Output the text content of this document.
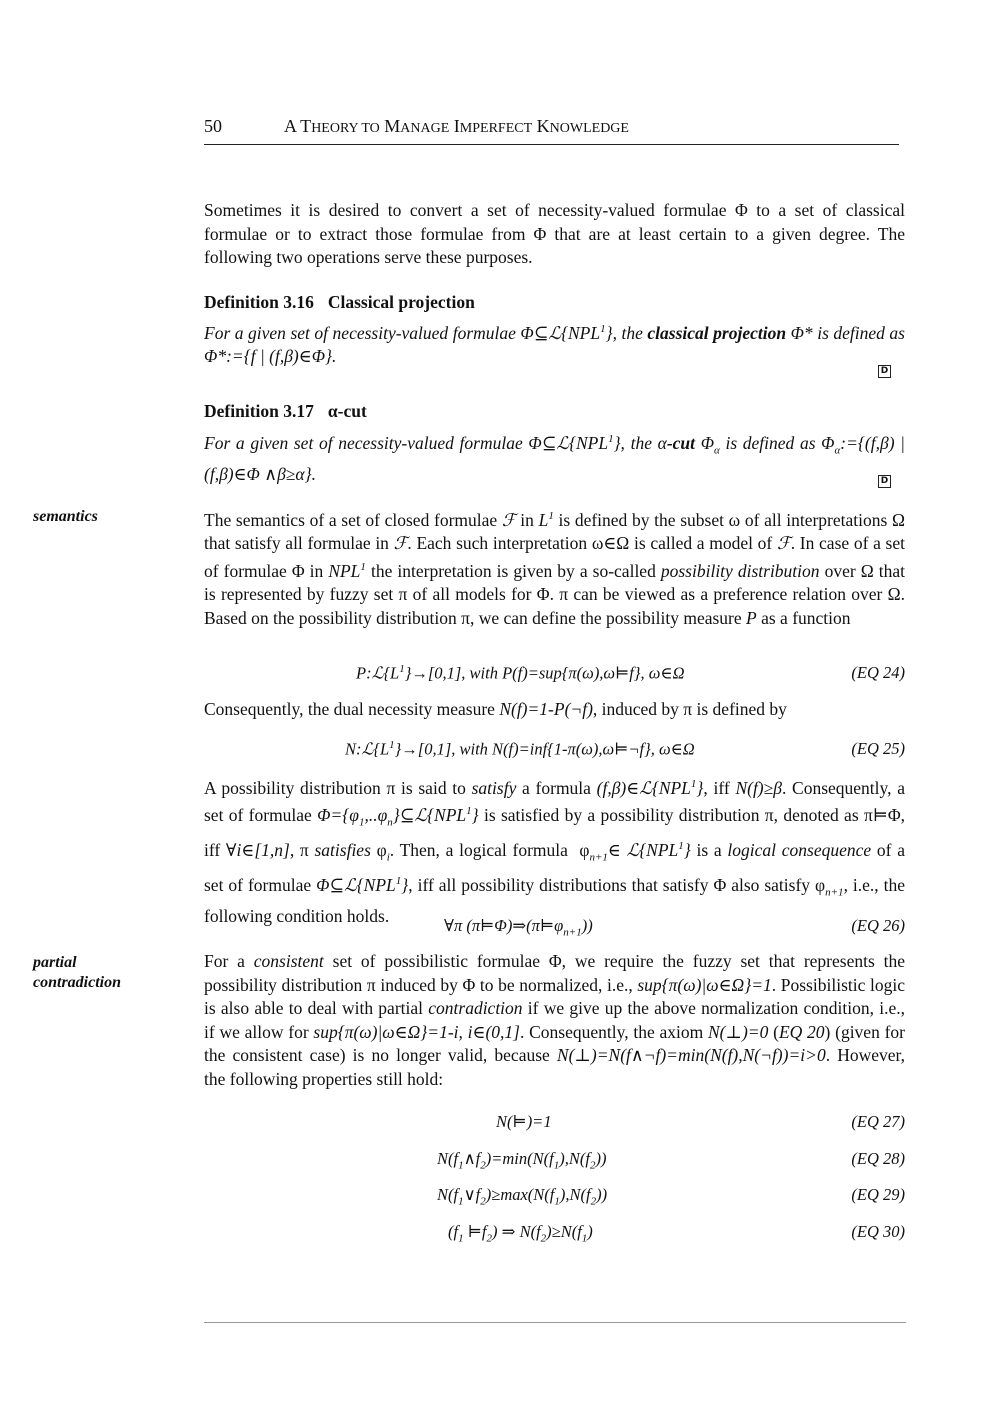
50	A THEORY TO MANAGE IMPERFECT KNOWLEDGE
Sometimes it is desired to convert a set of necessity-valued formulae Φ to a set of classical formulae or to extract those formulae from Φ that are at least certain to a given degree. The following two operations serve these purposes.
Definition 3.16 Classical projection
For a given set of necessity-valued formulae Φ⊆ℒ{NPL$^1$}, the classical projection Φ* is defined as Φ*:={f | (f,β)∈Φ}.
D
Definition 3.17 α-cut
For a given set of necessity-valued formulae Φ⊆ℒ{NPL$^1$}, the α-cut $\Phi_\alpha$ is defined as $\Phi_\alpha:=\{(f,\beta)$ | (f,β)∈Φ ∧β≥α}.	D
semantics
partial
contradiction
The semantics of a set of closed formulae ℱ in $L^1$ is defined by the subset ω of all interpretations Ω that satisfy all formulae in ℱ. Each such interpretation ω∈Ω is called a model of ℱ. In case of a set of formulae Φ in NPL$^1$ the interpretation is given by a so-called possibility distribution over Ω that is represented by fuzzy set π of all models for Φ. π can be viewed as a preference relation over Ω. Based on the possibility distribution π, we can define the possibility measure P as a function
$P:ℒ\{L^1\}\to[0,1]$, with P(f)=sup{π(ω),ω⊨f}, ω∈Ω	(EQ 24)
Consequently, the dual necessity measure N(f)=1-P(¬f), induced by π is defined by
$N:ℒ\{L^1\}\to[0,1]$, with N(f)=inf{1-π(ω),ω⊨¬f}, ω∈Ω	(EQ 25)
A possibility distribution π is said to satisfy a formula (f,β)∈ℒ{NPL$^1$}, iff N(f)≥β. Consequently, a set of formulae $\Phi=\{\varphi_1,..\varphi_n\}⊆ℒ\{NPL^1\}$ is satisfied by a possibility distribution π, denoted as π⊨Φ, iff ∀i∈[1,n], π satisfies $\varphi_i$. Then, a logical formula  $\varphi_{n+1}\in$ ℒ{NPL$^1$} is a logical consequence of a set of formulae Φ⊆ℒ{NPL$^1$}, iff all possibility distributions that satisfy Φ also satisfy $\varphi_{n+1}$, i.e., the following condition holds.	∀π $(\pi⊨\Phi)\Rightarrow(\pi⊨\varphi_{n+1})$)	(EQ 26)
For a consistent set of possibilistic formulae Φ, we require the fuzzy set that represents the possibility distribution π induced by Φ to be normalized, i.e., sup{π(ω)|ω∈Ω}=1. Possibilistic logic is also able to deal with partial contradiction if we give up the above normalization condition, i.e., if we allow for sup{π(ω)|ω∈Ω}=1-i, i∈(0,1]. Consequently, the axiom N(⊥)=0 (EQ 20) (given for the consistent case) is no longer valid, because N(⊥)=N(f∧¬f)=min(N(f),N(¬f))=i>0. However, the following properties still hold:
N(⊨)=1	(EQ 27)
$N(f_1\wedge f_2)=\min(N(f_1),N(f_2))$	(EQ 28)
$N(f_1\vee f_2)\ge\max(N(f_1),N(f_2))$	(EQ 29)
($f_1$ $⊨f_2$) ⇒ $N(f_2)\ge N(f_1)$	(EQ 30)
